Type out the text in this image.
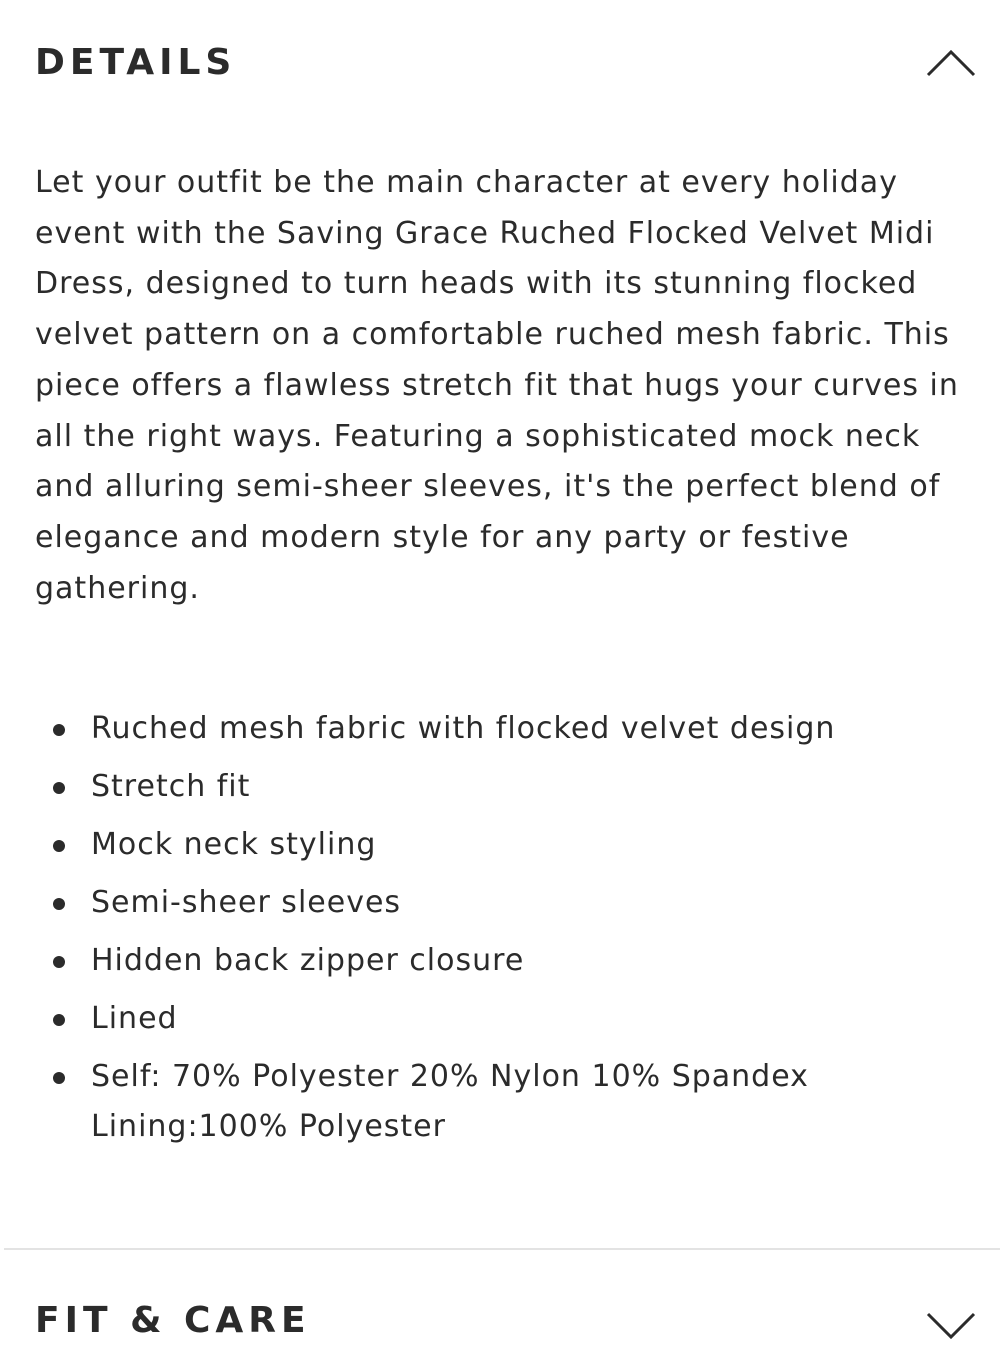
DETAILS

Let your outfit be the main character at every holiday event with the Saving Grace Ruched Flocked Velvet Midi Dress, designed to turn heads with its stunning flocked velvet pattern on a comfortable ruched mesh fabric. This piece offers a flawless stretch fit that hugs your curves in all the right ways. Featuring a sophisticated mock neck and alluring semi-sheer sleeves, it's the perfect blend of elegance and modern style for any party or festive gathering.

Ruched mesh fabric with flocked velvet design
Stretch fit
Mock neck styling
Semi-sheer sleeves
Hidden back zipper closure
Lined
Self: 70% Polyester 20% Nylon 10% Spandex
Lining:100% Polyester
FIT & CARE
